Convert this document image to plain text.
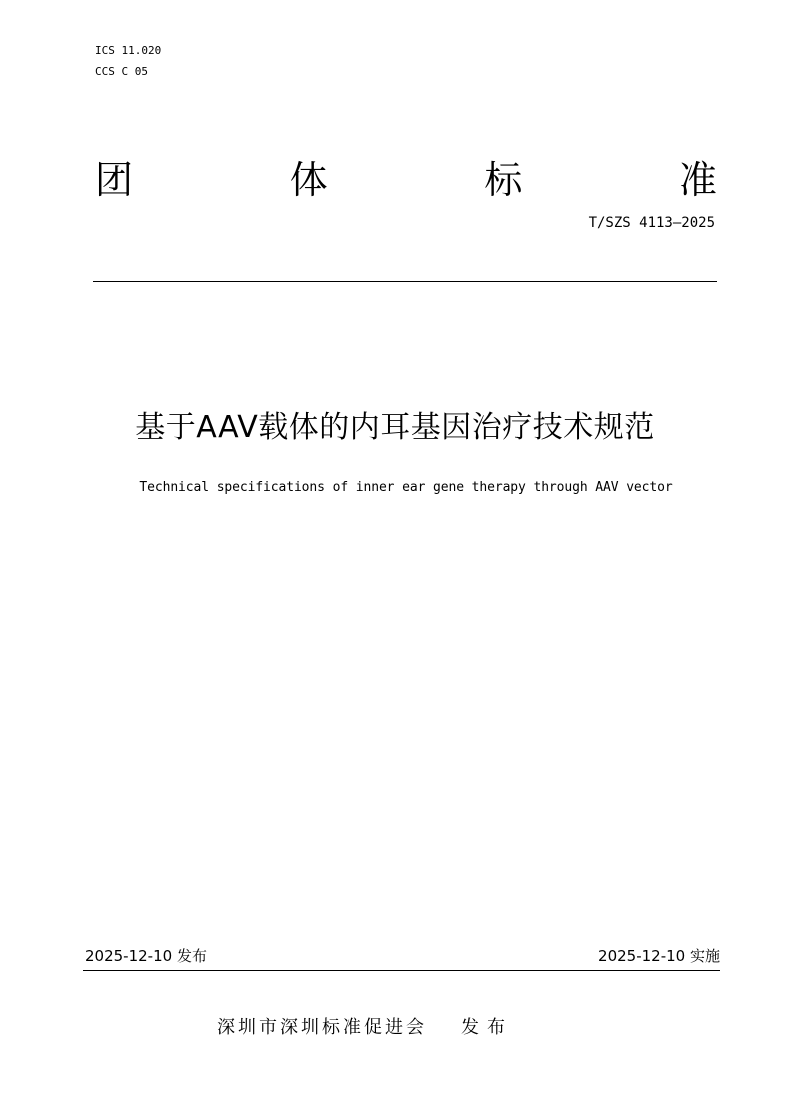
ICS 11.020
CCS C 05
团	体	标	准
T/SZS 4113—2025
基于AAV载体的内耳基因治疗技术规范
Technical specifications of inner ear gene therapy through AAV vector
2025-12-10 发布	2025-12-10 实施
深圳市深圳标准促进会 发布
